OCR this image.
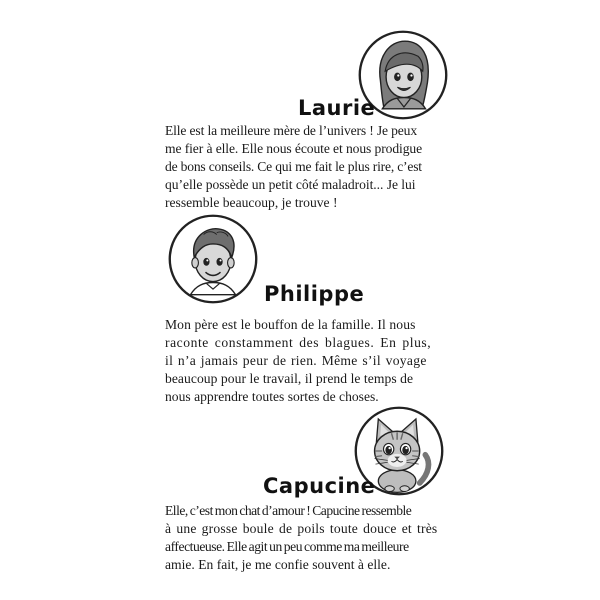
Laurie

Elle est la meilleure mère de l’univers ! Je peux
me fier à elle. Elle nous écoute et nous prodigue
de bons conseils. Ce qui me fait le plus rire, c’est
qu’elle possède un petit côté maladroit... Je lui
ressemble beaucoup, je trouve !

Philippe

Mon père est le bouffon de la famille. Il nous
raconte constamment des blagues. En plus,
il n’a jamais peur de rien. Même s’il voyage
beaucoup pour le travail, il prend le temps de
nous apprendre toutes sortes de choses.

Capucine

Elle, c’est mon chat d’amour ! Capucine ressemble
à une grosse boule de poils toute douce et très
affectueuse. Elle agit un peu comme ma meilleure
amie. En fait, je me confie souvent à elle.
